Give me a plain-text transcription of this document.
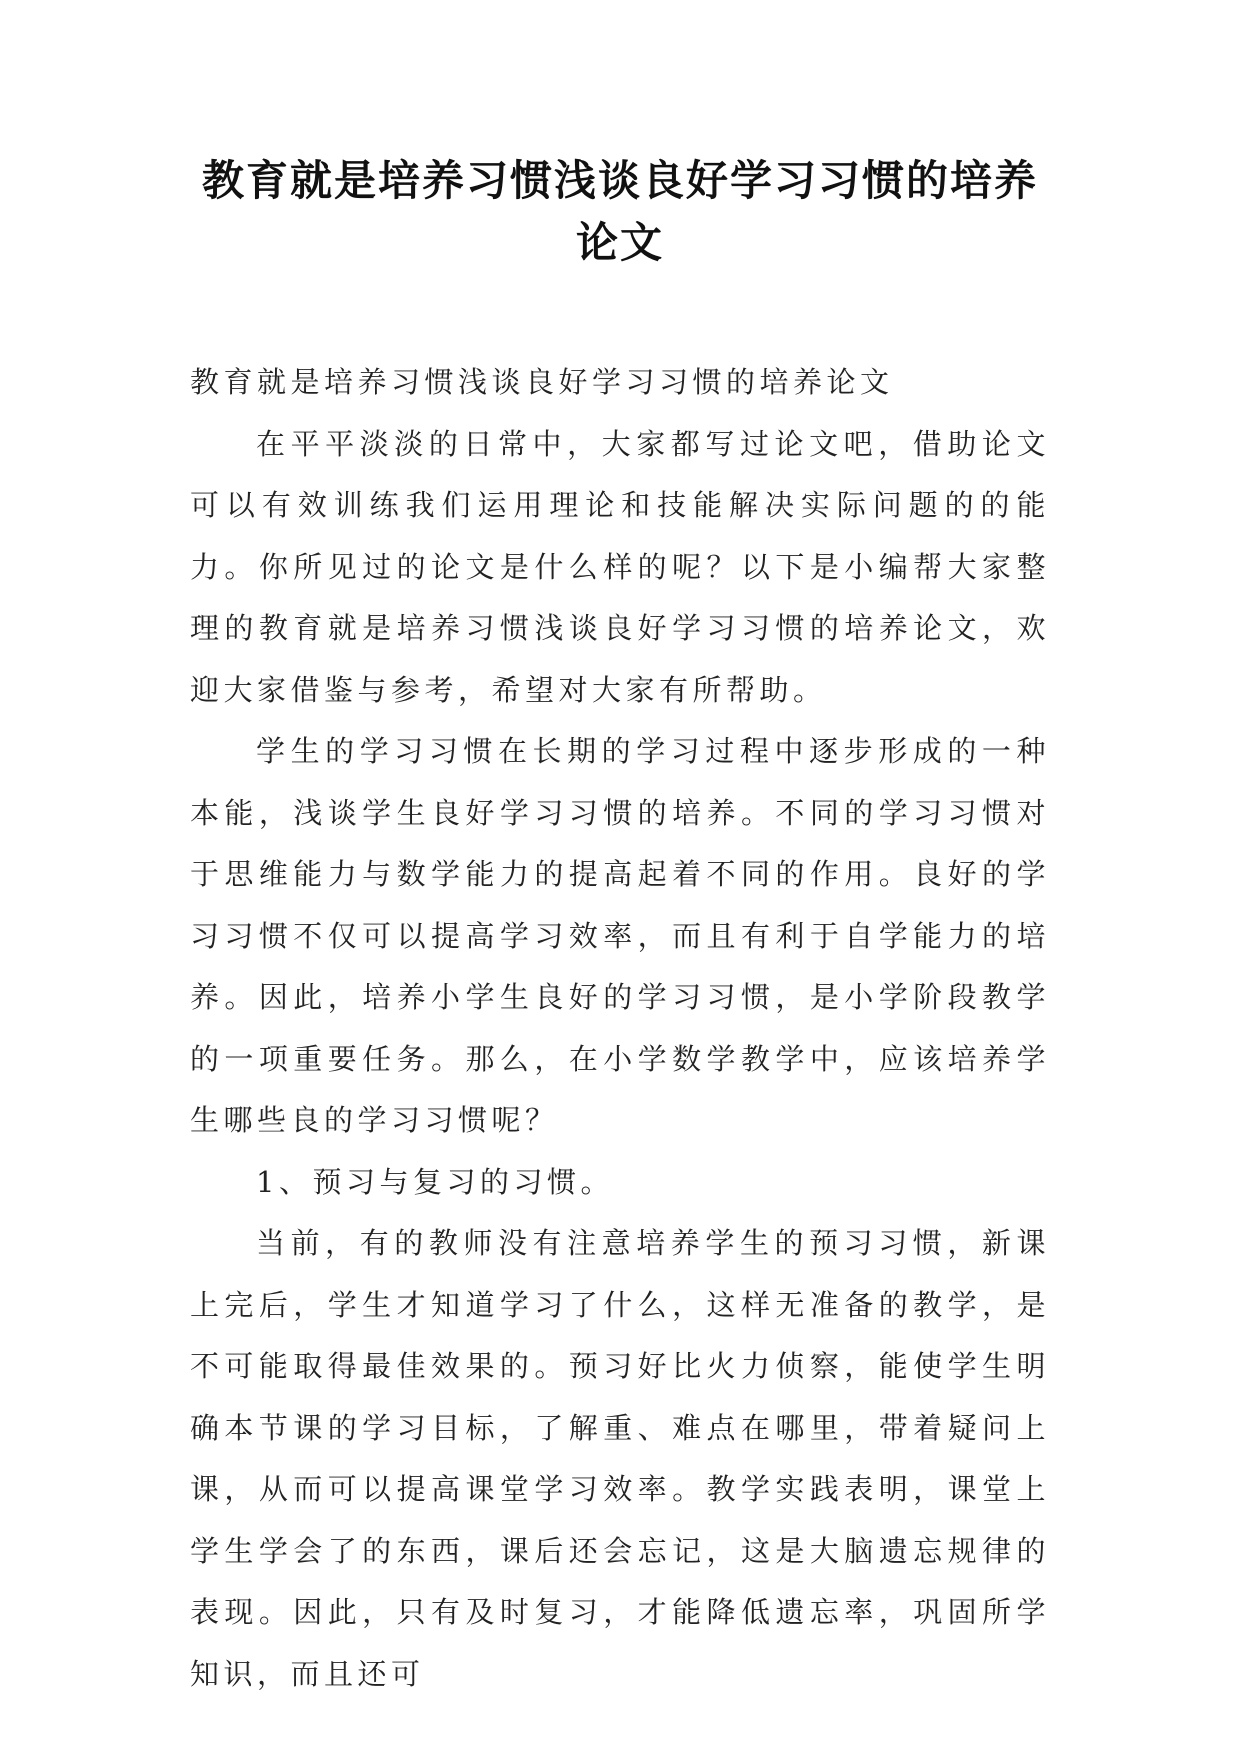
教育就是培养习惯浅谈良好学习习惯的培养论文

教育就是培养习惯浅谈良好学习习惯的培养论文

在平平淡淡的日常中，大家都写过论文吧，借助论文可以有效训练我们运用理论和技能解决实际问题的的能力。你所见过的论文是什么样的呢？以下是小编帮大家整理的教育就是培养习惯浅谈良好学习习惯的培养论文，欢迎大家借鉴与参考，希望对大家有所帮助。

学生的学习习惯在长期的学习过程中逐步形成的一种本能，浅谈学生良好学习习惯的培养。不同的学习习惯对于思维能力与数学能力的提高起着不同的作用。良好的学习习惯不仅可以提高学习效率，而且有利于自学能力的培养。因此，培养小学生良好的学习习惯，是小学阶段教学的一项重要任务。那么，在小学数学教学中，应该培养学生哪些良的学习习惯呢？

1、预习与复习的习惯。

当前，有的教师没有注意培养学生的预习习惯，新课上完后，学生才知道学习了什么，这样无准备的教学，是不可能取得最佳效果的。预习好比火力侦察，能使学生明确本节课的学习目标，了解重、难点在哪里，带着疑问上课，从而可以提高课堂学习效率。教学实践表明，课堂上学生学会了的东西，课后还会忘记，这是大脑遗忘规律的表现。因此，只有及时复习，才能降低遗忘率，巩固所学知识，而且还可
